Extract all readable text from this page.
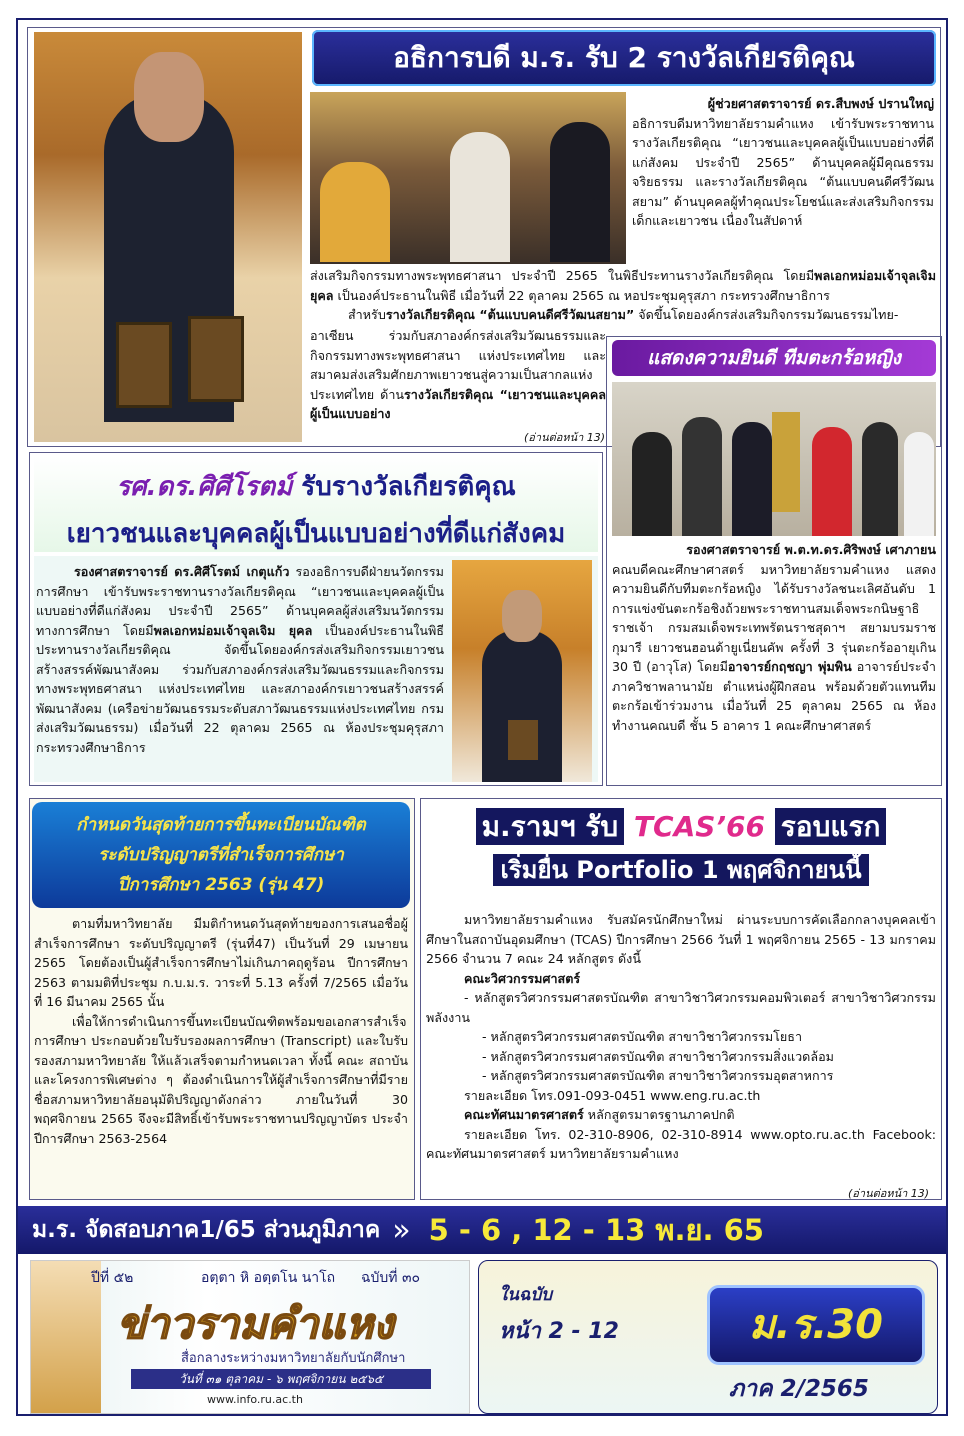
อธิการบดี ม.ร. รับ 2 รางวัลเกียรติคุณ

ผู้ช่วยศาสตราจารย์ ดร.สืบพงษ์ ปรานใหญ่

อธิการบดีมหาวิทยาลัยรามคำแหง เข้ารับพระราชทานรางวัลเกียรติคุณ “เยาวชนและบุคคลผู้เป็นแบบอย่างที่ดีแก่สังคม ประจำปี 2565” ด้านบุคคลผู้มีคุณธรรมจริยธรรม และรางวัลเกียรติคุณ “ต้นแบบคนดีศรีวัฒนสยาม” ด้านบุคคลผู้ทำคุณประโยชน์และส่งเสริมกิจกรรมเด็กและเยาวชน เนื่องในสัปดาห์

ส่งเสริมกิจกรรมทางพระพุทธศาสนา ประจำปี 2565 ในพิธีประทานรางวัลเกียรติคุณ โดยมีพลเอกหม่อมเจ้าจุลเจิม ยุคล เป็นองค์ประธานในพิธี เมื่อวันที่ 22 ตุลาคม 2565 ณ หอประชุมคุรุสภา กระทรวงศึกษาธิการ

สำหรับรางวัลเกียรติคุณ “ต้นแบบคนดีศรีวัฒนสยาม” จัดขึ้นโดยองค์กรส่งเสริมกิจกรรมวัฒนธรรมไทย-

อาเซียน ร่วมกับสภาองค์กรส่งเสริมวัฒนธรรมและกิจกรรมทางพระพุทธศาสนา แห่งประเทศไทย และสมาคมส่งเสริมศักยภาพเยาวชนสู่ความเป็นสากลแห่งประเทศไทย ด้านรางวัลเกียรติคุณ “เยาวชนและบุคคลผู้เป็นแบบอย่าง

(อ่านต่อหน้า 13)
แสดงความยินดี ทีมตะกร้อหญิง

รองศาสตราจารย์ พ.ต.ท.ดร.ศิริพงษ์ เศาภายน

คณบดีคณะศึกษาศาสตร์ มหาวิทยาลัยรามคำแหง แสดงความยินดีกับทีมตะกร้อหญิง ได้รับรางวัลชนะเลิศอันดับ 1 การแข่งขันตะกร้อชิงถ้วยพระราชทานสมเด็จพระกนิษฐาธิราชเจ้า กรมสมเด็จพระเทพรัตนราชสุดาฯ สยามบรมราชกุมารี เยาวชนฮอนด้ายูเนี่ยนคัพ ครั้งที่ 3 รุ่นตะกร้ออายุเกิน 30 ปี (อาวุโส) โดยมีอาจารย์กฤชญา พุ่มพิน อาจารย์ประจำภาควิชาพลานามัย ตำแหน่งผู้ฝึกสอน พร้อมด้วยตัวแทนทีมตะกร้อเข้าร่วมงาน เมื่อวันที่ 25 ตุลาคม 2565 ณ ห้องทำงานคณบดี ชั้น 5 อาคาร 1 คณะศึกษาศาสตร์

รศ.ดร.ศิศีโรตม์ รับรางวัลเกียรติคุณ
เยาวชนและบุคคลผู้เป็นแบบอย่างที่ดีแก่สังคม

รองศาสตราจารย์ ดร.ศิศีโรตม์ เกตุแก้ว รองอธิการบดีฝ่ายนวัตกรรมการศึกษา เข้ารับพระราชทานรางวัลเกียรติคุณ “เยาวชนและบุคคลผู้เป็นแบบอย่างที่ดีแก่สังคม ประจำปี 2565” ด้านบุคคลผู้ส่งเสริมนวัตกรรมทางการศึกษา โดยมีพลเอกหม่อมเจ้าจุลเจิม ยุคล เป็นองค์ประธานในพิธีประทานรางวัลเกียรติคุณ จัดขึ้นโดยองค์กรส่งเสริมกิจกรรมเยาวชนสร้างสรรค์พัฒนาสังคม ร่วมกับสภาองค์กรส่งเสริมวัฒนธรรมและกิจกรรมทางพระพุทธศาสนา แห่งประเทศไทย และสภาองค์กรเยาวชนสร้างสรรค์พัฒนาสังคม (เครือข่ายวัฒนธรรมระดับสภาวัฒนธรรมแห่งประเทศไทย กรมส่งเสริมวัฒนธรรม) เมื่อวันที่ 22 ตุลาคม 2565 ณ ห้องประชุมคุรุสภา กระทรวงศึกษาธิการ

กำหนดวันสุดท้ายการขึ้นทะเบียนบัณฑิต
ระดับปริญญาตรีที่สำเร็จการศึกษา
ปีการศึกษา 2563 (รุ่น 47)

ตามที่มหาวิทยาลัย มีมติกำหนดวันสุดท้ายของการเสนอชื่อผู้สำเร็จการศึกษา ระดับปริญญาตรี (รุ่นที่47) เป็นวันที่ 29 เมษายน 2565 โดยต้องเป็นผู้สำเร็จการศึกษาไม่เกินภาคฤดูร้อน ปีการศึกษา 2563 ตามมติที่ประชุม ก.บ.ม.ร. วาระที่ 5.13 ครั้งที่ 7/2565 เมื่อวันที่ 16 มีนาคม 2565 นั้น

เพื่อให้การดำเนินการขึ้นทะเบียนบัณฑิตพร้อมขอเอกสารสำเร็จการศึกษา ประกอบด้วยใบรับรองผลการศึกษา (Transcript) และใบรับรองสภามหาวิทยาลัย ให้แล้วเสร็จตามกำหนดเวลา ทั้งนี้ คณะ สถาบัน และโครงการพิเศษต่าง ๆ ต้องดำเนินการให้ผู้สำเร็จการศึกษาที่มีรายชื่อสภามหาวิทยาลัยอนุมัติปริญญาดังกล่าว ภายในวันที่ 30 พฤศจิกายน 2565 จึงจะมีสิทธิ์เข้ารับพระราชทานปริญญาบัตร ประจำปีการศึกษา 2563-2564

ม.รามฯ รับ TCAS’66 รอบแรก
เริ่มยื่น Portfolio 1 พฤศจิกายนนี้

มหาวิทยาลัยรามคำแหง รับสมัครนักศึกษาใหม่ ผ่านระบบการคัดเลือกกลางบุคคลเข้าศึกษาในสถาบันอุดมศึกษา (TCAS) ปีการศึกษา 2566 วันที่ 1 พฤศจิกายน 2565 - 13 มกราคม 2566 จำนวน 7 คณะ 24 หลักสูตร ดังนี้

คณะวิศวกรรมศาสตร์

- หลักสูตรวิศวกรรมศาสตรบัณฑิต สาขาวิชาวิศวกรรมคอมพิวเตอร์ สาขาวิชาวิศวกรรมพลังงาน

- หลักสูตรวิศวกรรมศาสตรบัณฑิต สาขาวิชาวิศวกรรมโยธา

- หลักสูตรวิศวกรรมศาสตรบัณฑิต สาขาวิชาวิศวกรรมสิ่งแวดล้อม

- หลักสูตรวิศวกรรมศาสตรบัณฑิต สาขาวิชาวิศวกรรมอุตสาหการ

รายละเอียด โทร.091-093-0451 www.eng.ru.ac.th

คณะทัศนมาตรศาสตร์ หลักสูตรมาตรฐานภาคปกติ

รายละเอียด โทร. 02-310-8906, 02-310-8914 www.opto.ru.ac.th Facebook: คณะทัศนมาตรศาสตร์ มหาวิทยาลัยรามคำแหง

(อ่านต่อหน้า 13)
ม.ร. จัดสอบภาค1/65 ส่วนภูมิภาค » 5 - 6 , 12 - 13 พ.ย. 65
ปีที่ ๕๒	อตฺตา หิ อตฺตโน นาโถ ฉบับที่ ๓๐
ข่าวรามคำแหง
สื่อกลางระหว่างมหาวิทยาลัยกับนักศึกษา
วันที่ ๓๑ ตุลาคม - ๖ พฤศจิกายน ๒๕๖๕
www.info.ru.ac.th
ในฉบับ
หน้า 2 - 12	ม.ร.30
ภาค 2/2565
